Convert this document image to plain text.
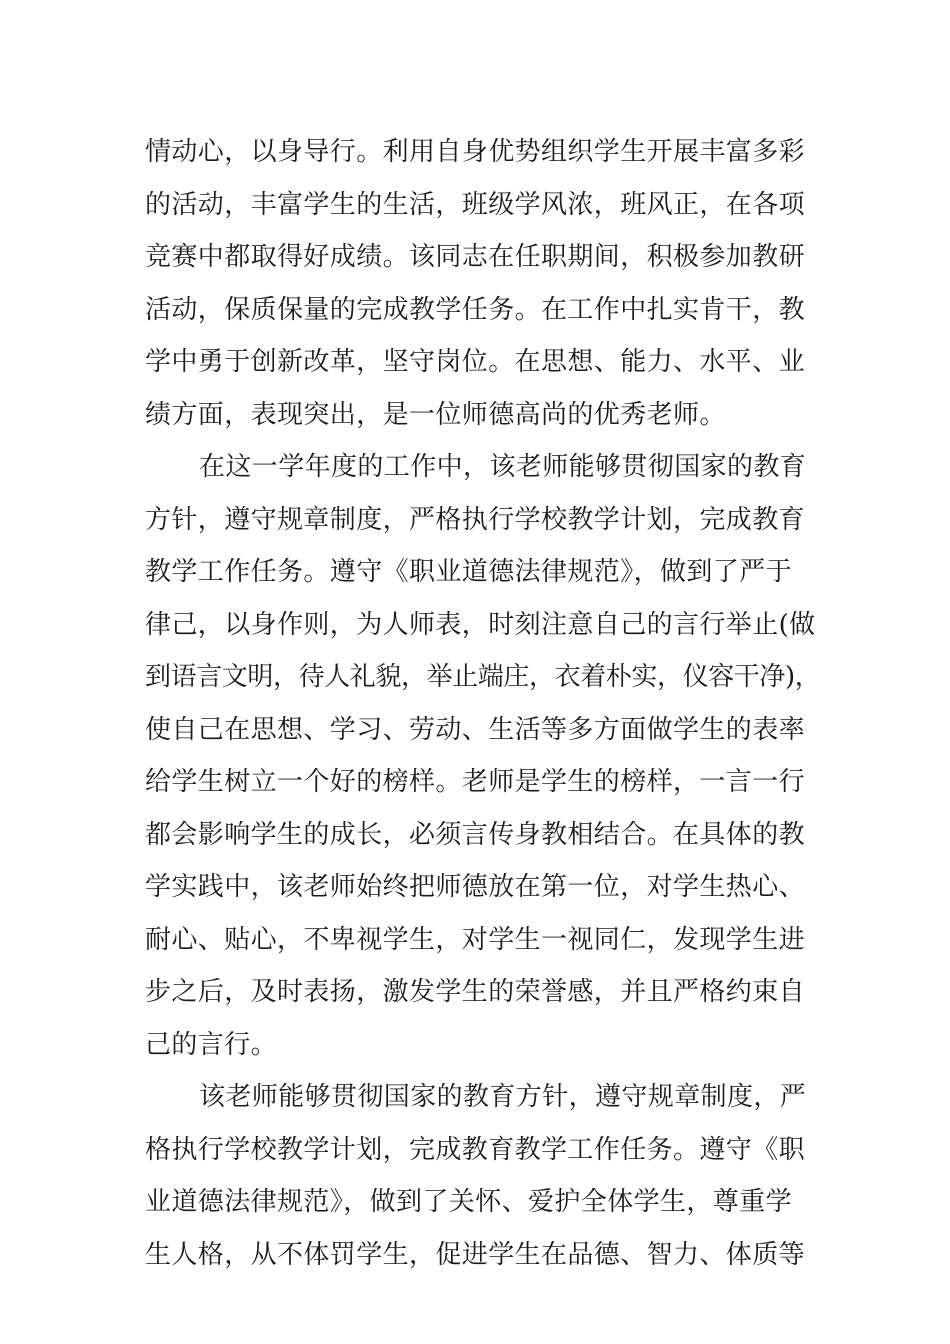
情动心，以身导行。利用自身优势组织学生开展丰富多彩
的活动，丰富学生的生活，班级学风浓，班风正，在各项
竞赛中都取得好成绩。该同志在任职期间，积极参加教研
活动，保质保量的完成教学任务。在工作中扎实肯干，教
学中勇于创新改革，坚守岗位。在思想、能力、水平、业
绩方面，表现突出，是一位师德高尚的优秀老师。
在这一学年度的工作中，该老师能够贯彻国家的教育
方针，遵守规章制度，严格执行学校教学计划，完成教育
教学工作任务。遵守《职业道德法律规范》，做到了严于
律己，以身作则，为人师表，时刻注意自己的言行举止(做
到语言文明，待人礼貌，举止端庄，衣着朴实，仪容干净)，
使自己在思想、学习、劳动、生活等多方面做学生的表率
给学生树立一个好的榜样。老师是学生的榜样，一言一行
都会影响学生的成长，必须言传身教相结合。在具体的教
学实践中，该老师始终把师德放在第一位，对学生热心、
耐心、贴心，不卑视学生，对学生一视同仁，发现学生进
步之后，及时表扬，激发学生的荣誉感，并且严格约束自
己的言行。
该老师能够贯彻国家的教育方针，遵守规章制度，严
格执行学校教学计划，完成教育教学工作任务。遵守《职
业道德法律规范》，做到了关怀、爱护全体学生，尊重学
生人格，从不体罚学生，促进学生在品德、智力、体质等
